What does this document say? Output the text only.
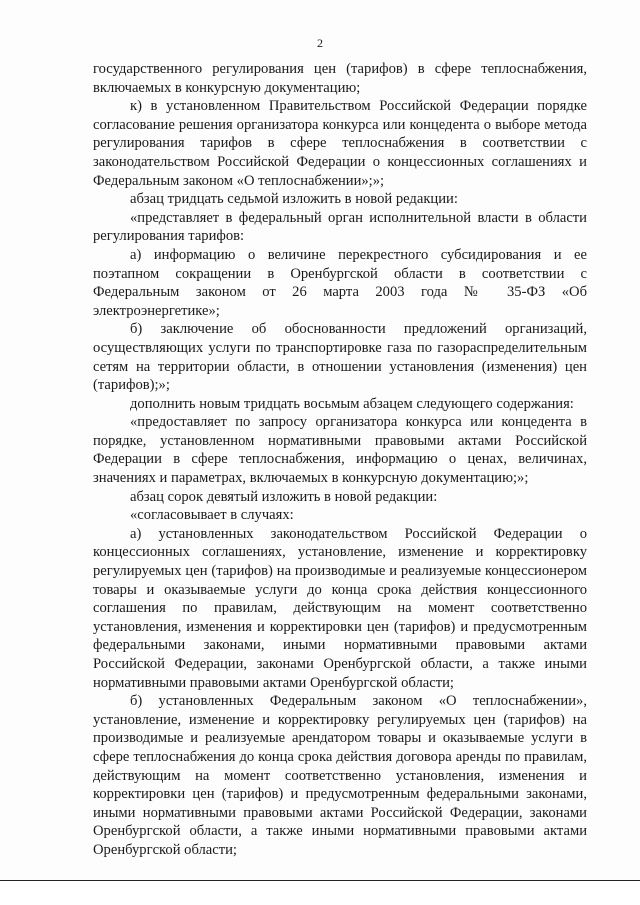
2

государственного регулирования цен (тарифов) в сфере теплоснабжения, включаемых в конкурсную документацию;

к) в установленном Правительством Российской Федерации порядке согласование решения организатора конкурса или концедента о выборе метода регулирования тарифов в сфере теплоснабжения в соответствии с законодательством Российской Федерации о концессионных соглашениях и Федеральным законом «О теплоснабжении»;»;

абзац тридцать седьмой изложить в новой редакции:

«представляет в федеральный орган исполнительной власти в области регулирования тарифов:

а) информацию о величине перекрестного субсидирования и ее поэтапном сокращении в Оренбургской области в соответствии с Федеральным законом от 26 марта 2003 года № 35-ФЗ «Об электроэнергетике»;

б) заключение об обоснованности предложений организаций, осуществляющих услуги по транспортировке газа по газораспределительным сетям на территории области, в отношении установления (изменения) цен (тарифов);»;

дополнить новым тридцать восьмым абзацем следующего содержания:

«предоставляет по запросу организатора конкурса или концедента в порядке, установленном нормативными правовыми актами Российской Федерации в сфере теплоснабжения, информацию о ценах, величинах, значениях и параметрах, включаемых в конкурсную документацию;»;

абзац сорок девятый изложить в новой редакции:

«согласовывает в случаях:

а) установленных законодательством Российской Федерации о концессионных соглашениях, установление, изменение и корректировку регулируемых цен (тарифов) на производимые и реализуемые концессионером товары и оказываемые услуги до конца срока действия концессионного соглашения по правилам, действующим на момент соответственно установления, изменения и корректировки цен (тарифов) и предусмотренным федеральными законами, иными нормативными правовыми актами Российской Федерации, законами Оренбургской области, а также иными нормативными правовыми актами Оренбургской области;

б) установленных Федеральным законом «О теплоснабжении», установление, изменение и корректировку регулируемых цен (тарифов) на производимые и реализуемые арендатором товары и оказываемые услуги в сфере теплоснабжения до конца срока действия договора аренды по правилам, действующим на момент соответственно установления, изменения и корректировки цен (тарифов) и предусмотренным федеральными законами, иными нормативными правовыми актами Российской Федерации, законами Оренбургской области, а также иными нормативными правовыми актами Оренбургской области;
